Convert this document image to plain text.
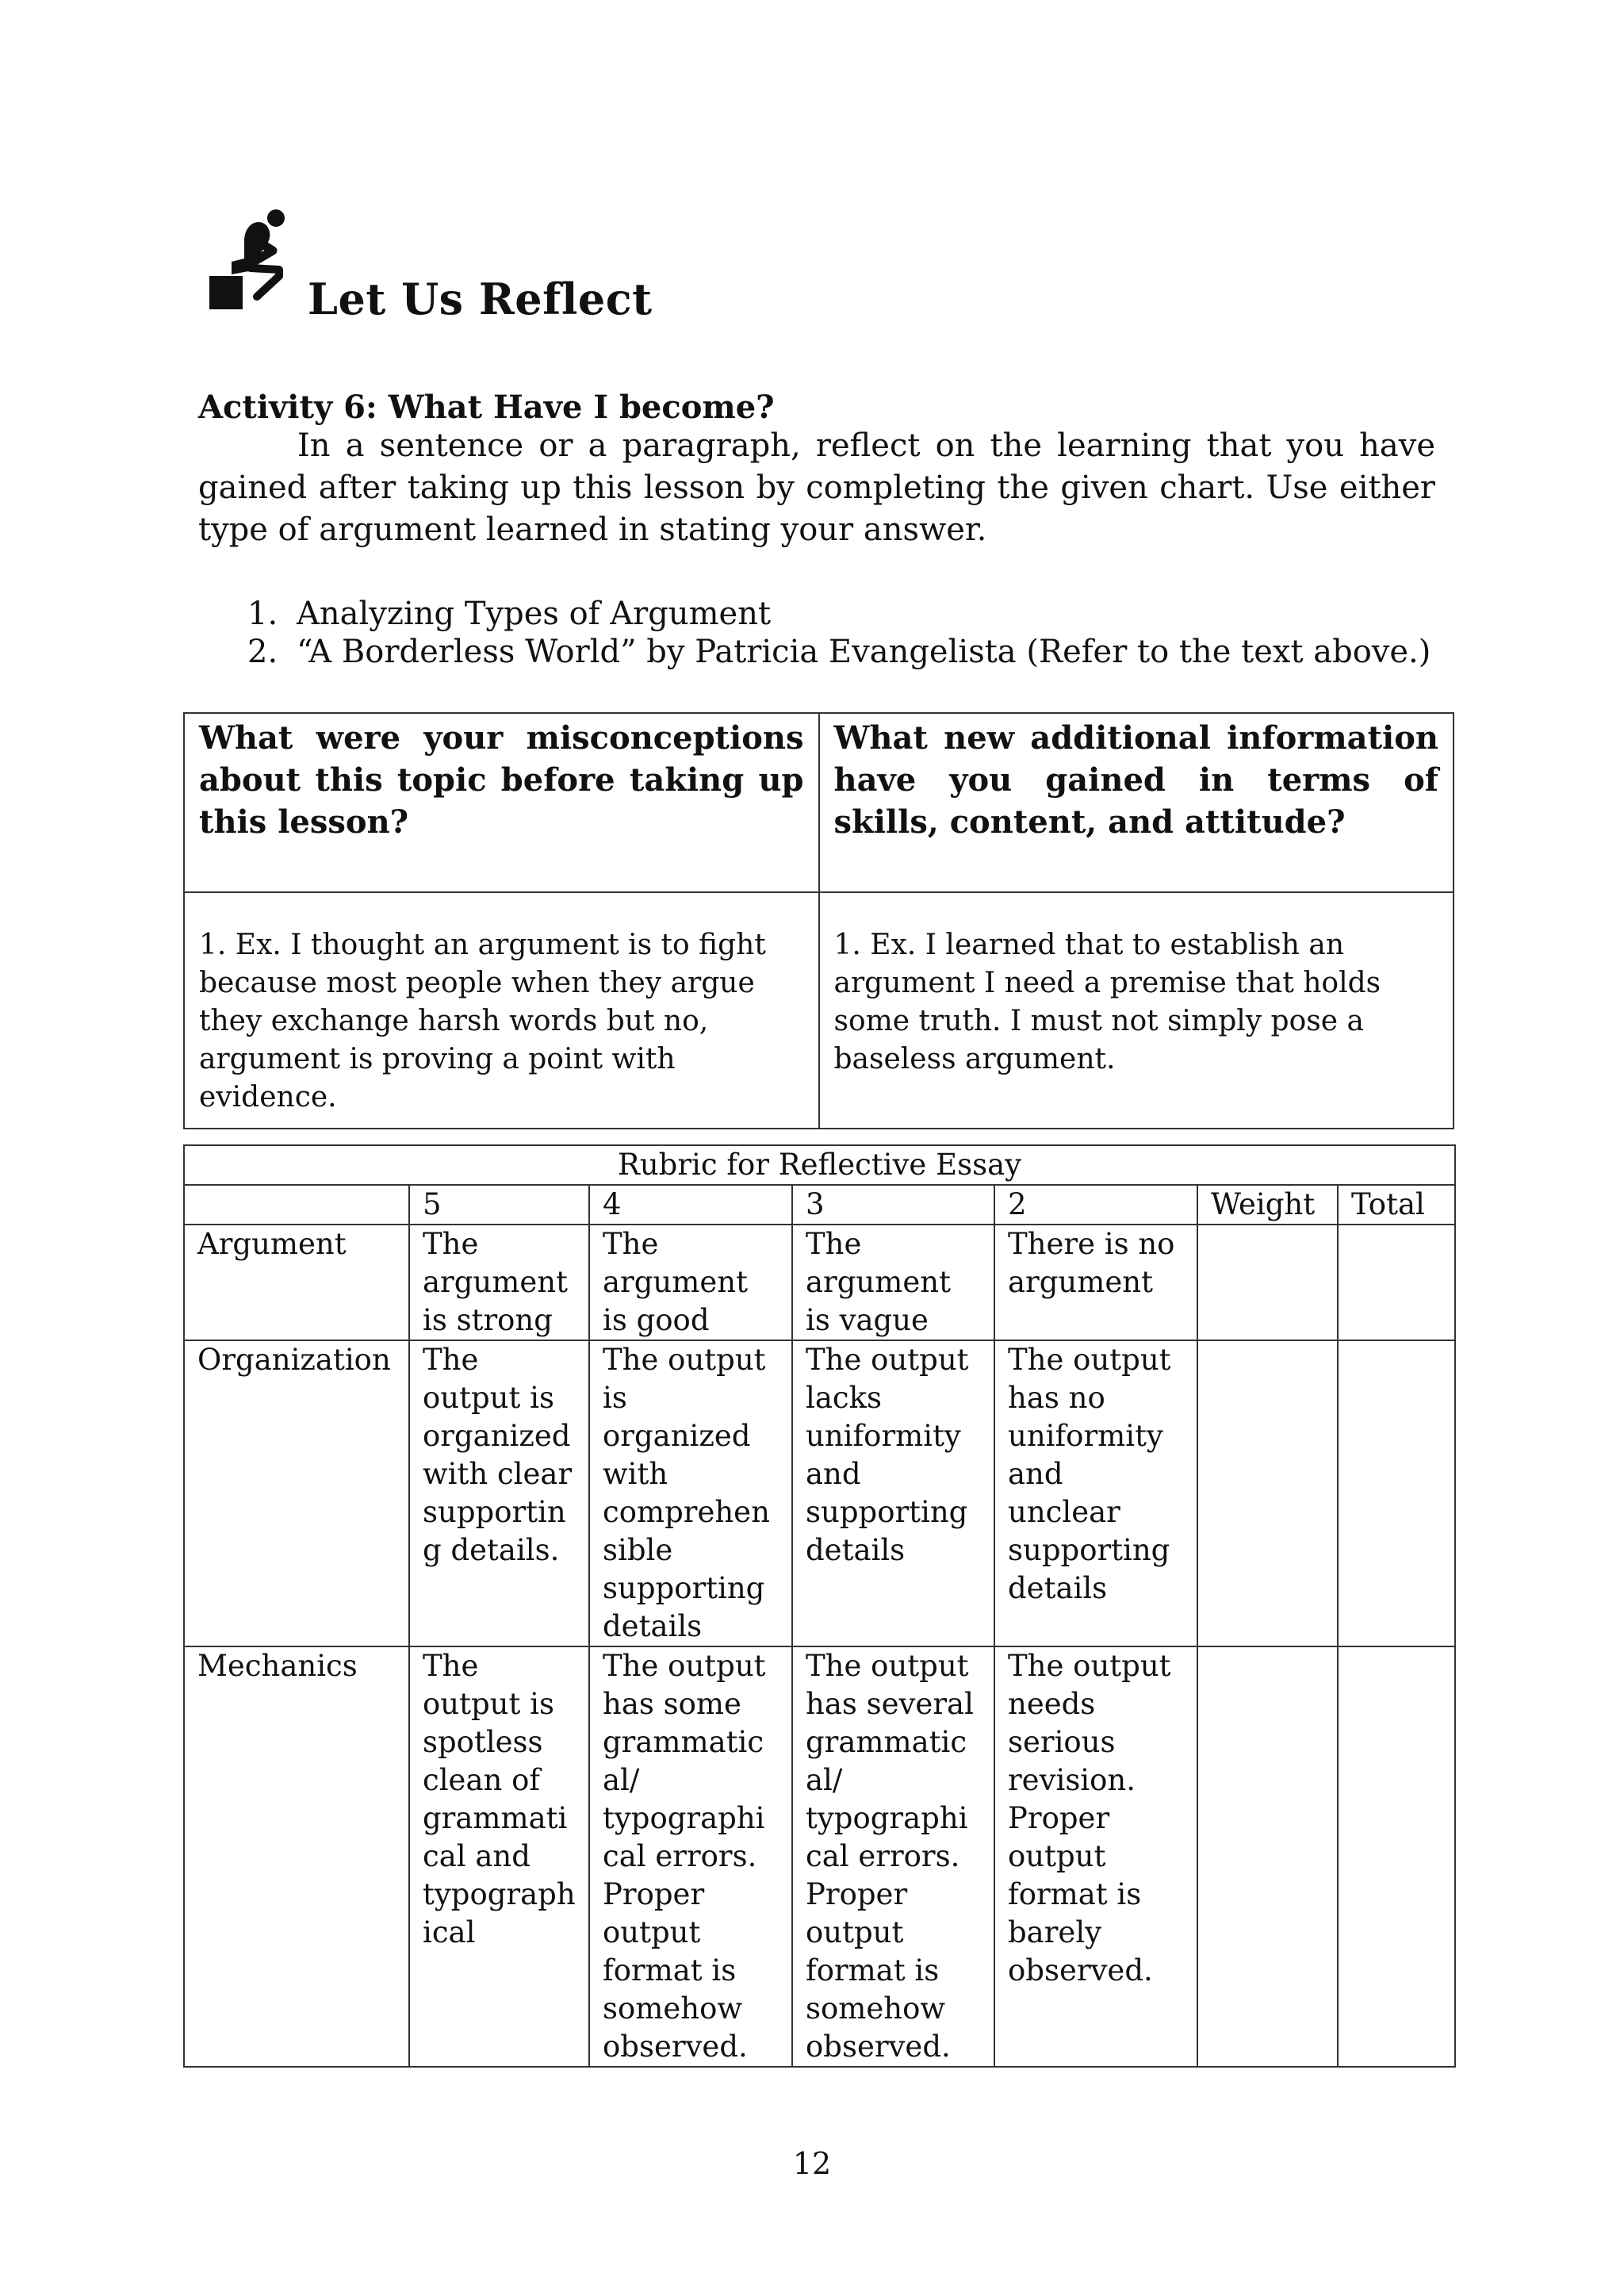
Let Us Reflect
Activity 6: What Have I become?

In a sentence or a paragraph, reflect on the learning that you have gained after taking up this lesson by completing the given chart. Use either type of argument learned in stating your answer.

1. Analyzing Types of Argument
2. “A Borderless World” by Patricia Evangelista (Refer to the text above.)
What were your misconceptions about this topic before taking up this lesson?	What new additional information have you gained in terms of skills, content, and attitude?
1. Ex. I thought an argument is to fight because most people when they argue they exchange harsh words but no, argument is proving a point with evidence.	1. Ex. I learned that to establish an argument I need a premise that holds some truth. I must not simply pose a baseless argument.
Rubric for Reflective Essay						
	5	4	3	2	Weight	Total
Argument	The argument is strong	The argument is good	The argument is vague	There is no argument		
Organization	The output is organized with clear supportin g details.	The output is organized with comprehen sible supporting details	The output lacks uniformity and supporting details	The output has no uniformity and unclear supporting details		
Mechanics	The output is spotless clean of grammati cal and typograph ical	The output has some grammatic al/ typographi cal errors. Proper output format is somehow observed.	The output has several grammatic al/ typographi cal errors. Proper output format is somehow observed.	The output needs serious revision. Proper output format is barely observed.		
12
